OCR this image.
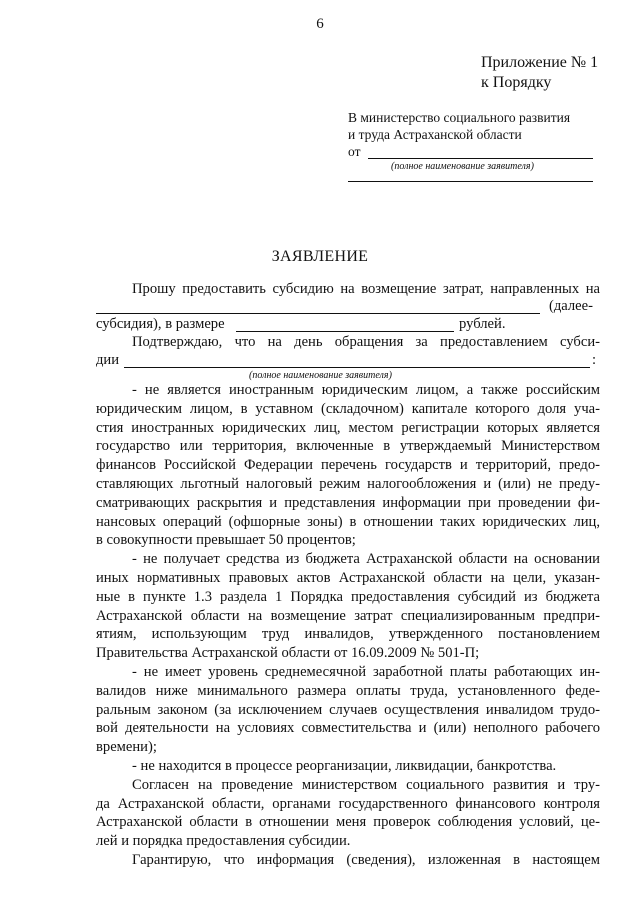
6
Приложение № 1
к Порядку
В министерство социального развития
и труда Астраханской области
от
(полное наименование заявителя)
ЗАЯВЛЕНИЕ
Прошу предоставить субсидию на возмещение затрат, направленных на
(далее-
субсидия), в размере	рублей.
Подтверждаю, что на день обращения за предоставлением субси-
дии	:
(полное наименование заявителя)
- не является иностранным юридическим лицом, а также российским
юридическим лицом, в уставном (складочном) капитале которого доля уча-
стия иностранных юридических лиц, местом регистрации которых является
государство или территория, включенные в утверждаемый Министерством
финансов Российской Федерации перечень государств и территорий, предо-
ставляющих льготный налоговый режим налогообложения и (или) не преду-
сматривающих раскрытия и представления информации при проведении фи-
нансовых операций (офшорные зоны) в отношении таких юридических лиц,
в совокупности превышает 50 процентов;
- не получает средства из бюджета Астраханской области на основании
иных нормативных правовых актов Астраханской области на цели, указан-
ные в пункте 1.3 раздела 1 Порядка предоставления субсидий из бюджета
Астраханской области на возмещение затрат специализированным предпри-
ятиям, использующим труд инвалидов, утвержденного постановлением
Правительства Астраханской области от 16.09.2009 № 501-П;
- не имеет уровень среднемесячной заработной платы работающих ин-
валидов ниже минимального размера оплаты труда, установленного феде-
ральным законом (за исключением случаев осуществления инвалидом трудо-
вой деятельности на условиях совместительства и (или) неполного рабочего
времени);
- не находится в процессе реорганизации, ликвидации, банкротства.
Согласен на проведение министерством социального развития и тру-
да Астраханской области, органами государственного финансового контроля
Астраханской области в отношении меня проверок соблюдения условий, це-
лей и порядка предоставления субсидии.
Гарантирую, что информация (сведения), изложенная в настоящем
